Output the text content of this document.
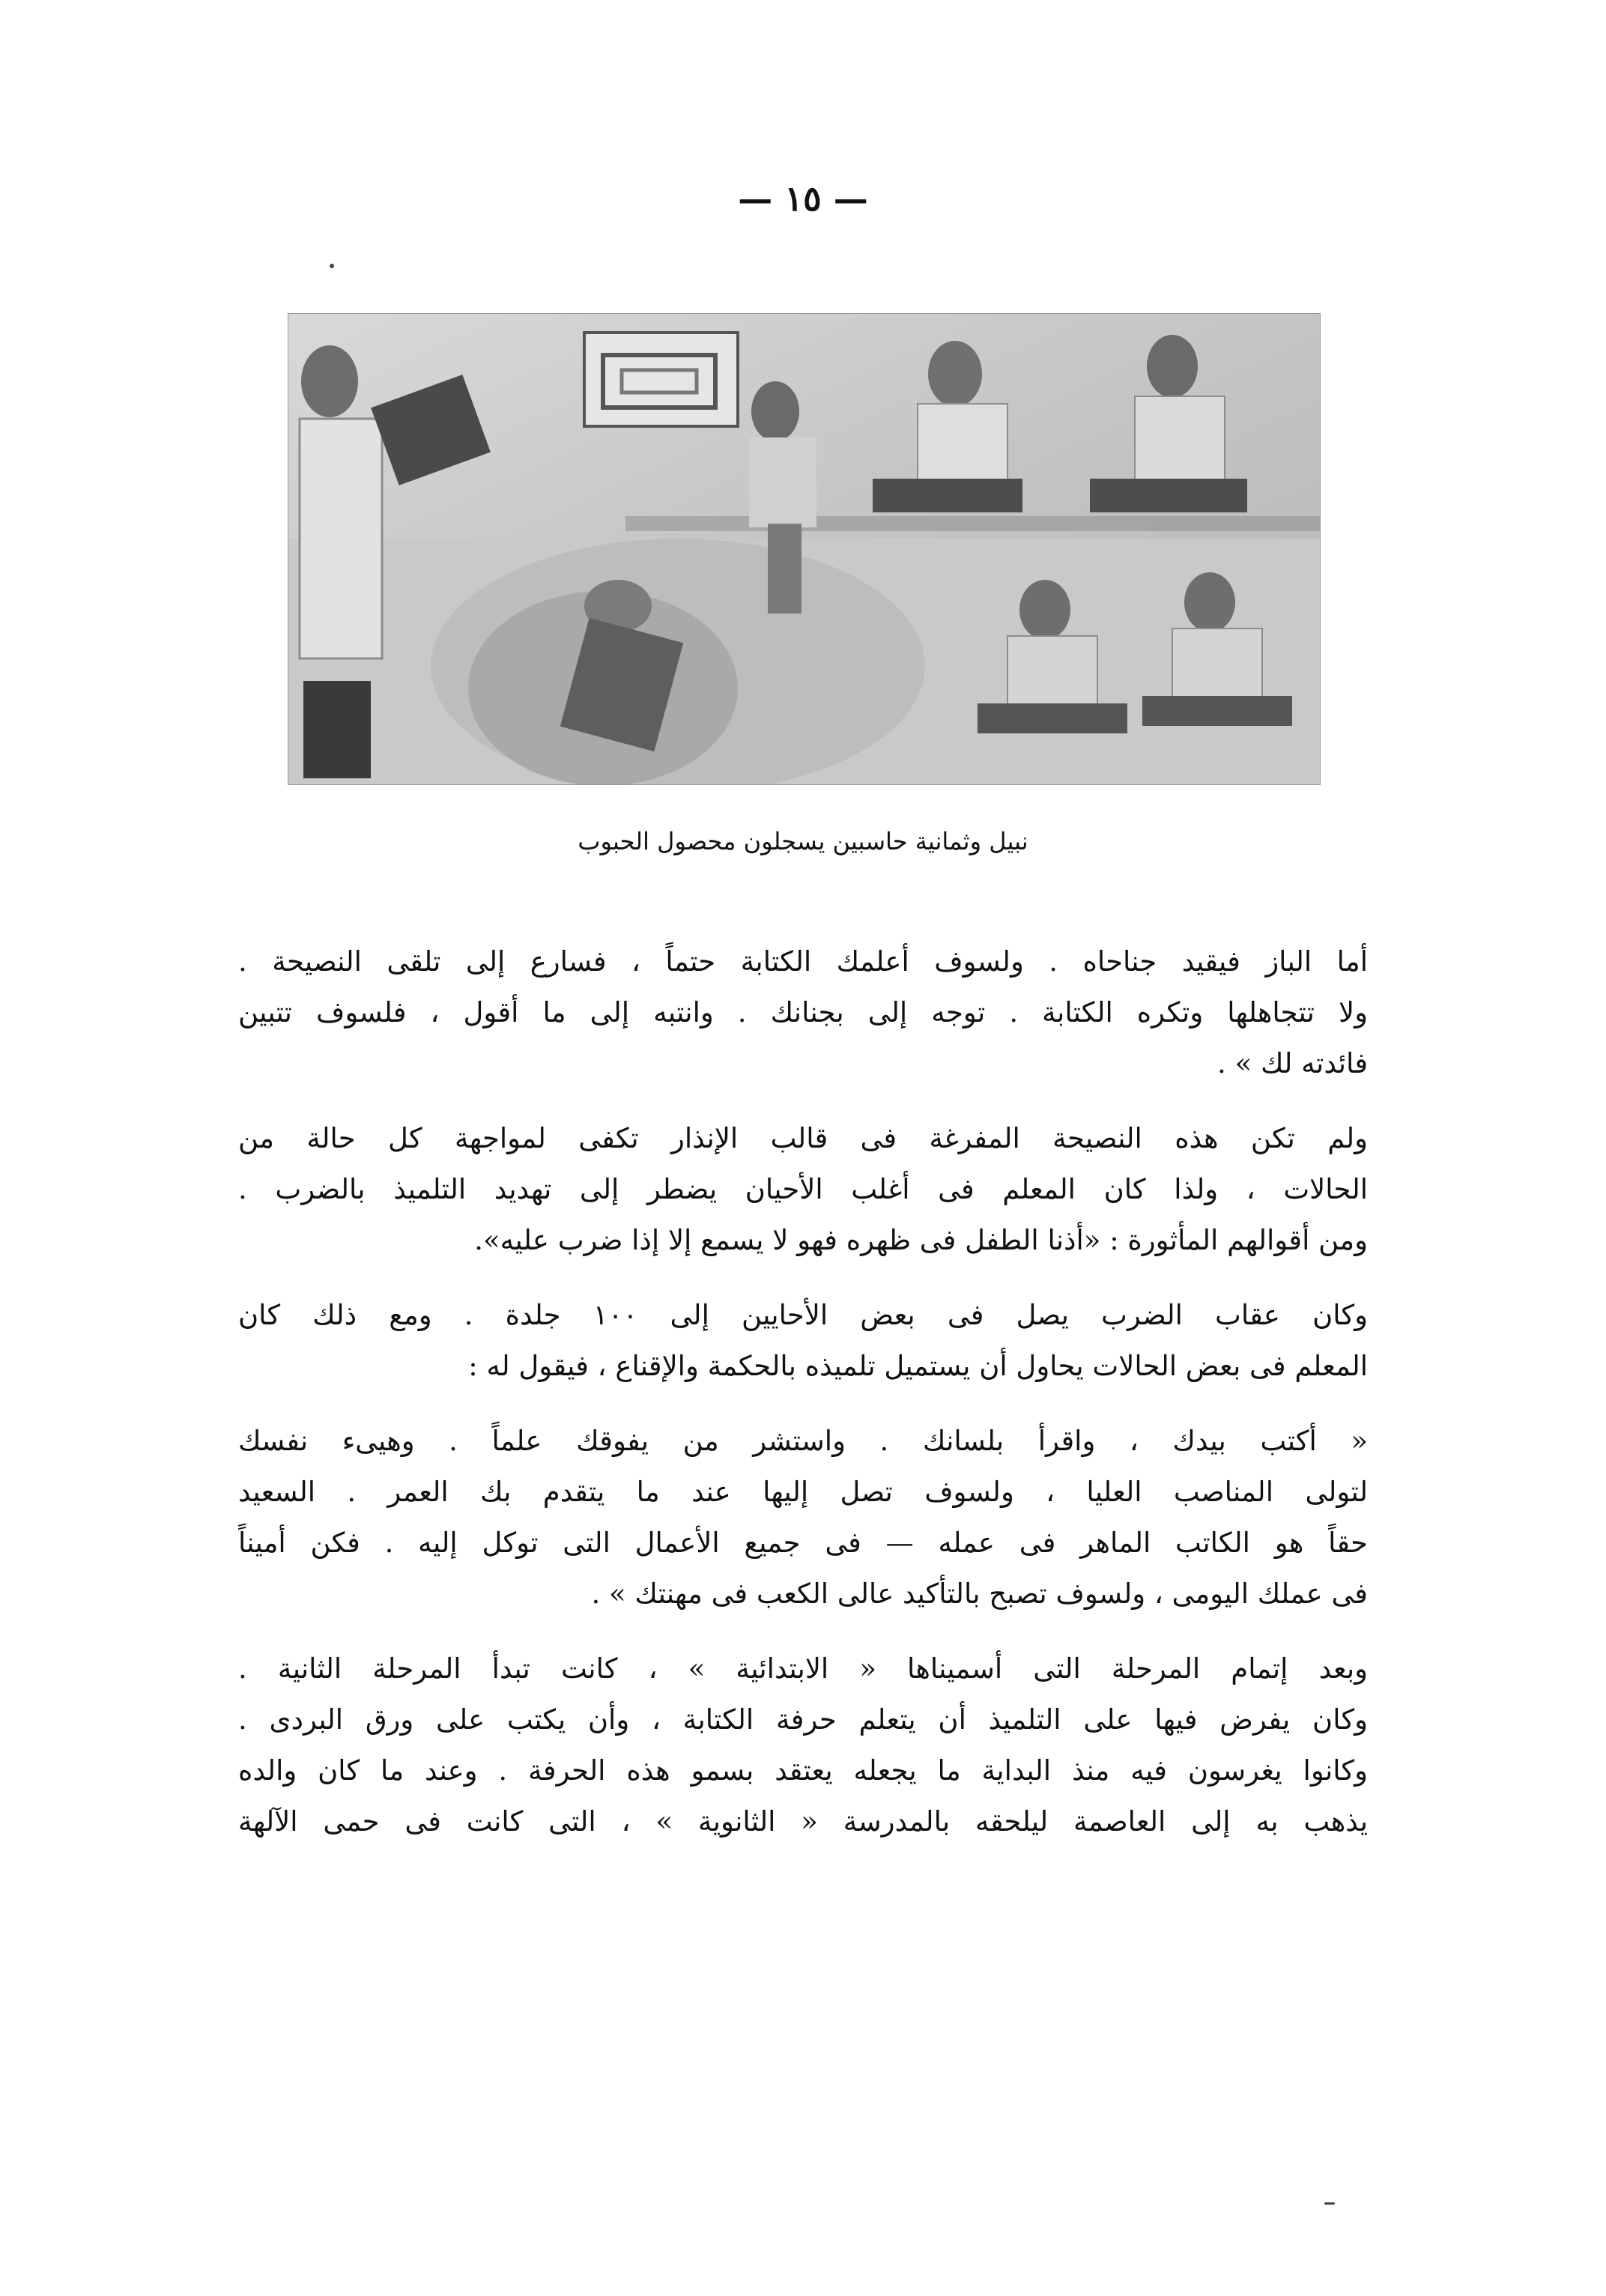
— ١٥ —
نبيل وثمانية حاسبين يسجلون محصول الحبوب
أما الباز فيقيد جناحاه . ولسوف أعلمك الكتابة حتماً ، فسارع إلى تلقى النصيحة .
ولا تتجاهلها وتكره الكتابة . توجه إلى بجنانك . وانتبه إلى ما أقول ، فلسوف تتبين
فائدته لك » .
ولم تكن هذه النصيحة المفرغة فى قالب الإنذار تكفى لمواجهة كل حالة من
الحالات ، ولذا كان المعلم فى أغلب الأحيان يضطر إلى تهديد التلميذ بالضرب .
ومن أقوالهم المأثورة : «أذنا الطفل فى ظهره فهو لا يسمع إلا إذا ضرب عليه».
وكان عقاب الضرب يصل فى بعض الأحايين إلى ١٠٠ جلدة . ومع ذلك كان
المعلم فى بعض الحالات يحاول أن يستميل تلميذه بالحكمة والإقناع ، فيقول له :
« أكتب بيدك ، واقرأ بلسانك . واستشر من يفوقك علماً . وهيىء نفسك
لتولى المناصب العليا ، ولسوف تصل إليها عند ما يتقدم بك العمر . السعيد
حقاً هو الكاتب الماهر فى عمله — فى جميع الأعمال التى توكل إليه . فكن أميناً
فى عملك اليومى ، ولسوف تصبح بالتأكيد عالى الكعب فى مهنتك » .
وبعد إتمام المرحلة التى أسميناها « الابتدائية » ، كانت تبدأ المرحلة الثانية .
وكان يفرض فيها على التلميذ أن يتعلم حرفة الكتابة ، وأن يكتب على ورق البردى .
وكانوا يغرسون فيه منذ البداية ما يجعله يعتقد بسمو هذه الحرفة . وعند ما كان والده
يذهب به إلى العاصمة ليلحقه بالمدرسة « الثانوية » ، التى كانت فى حمى الآلهة
